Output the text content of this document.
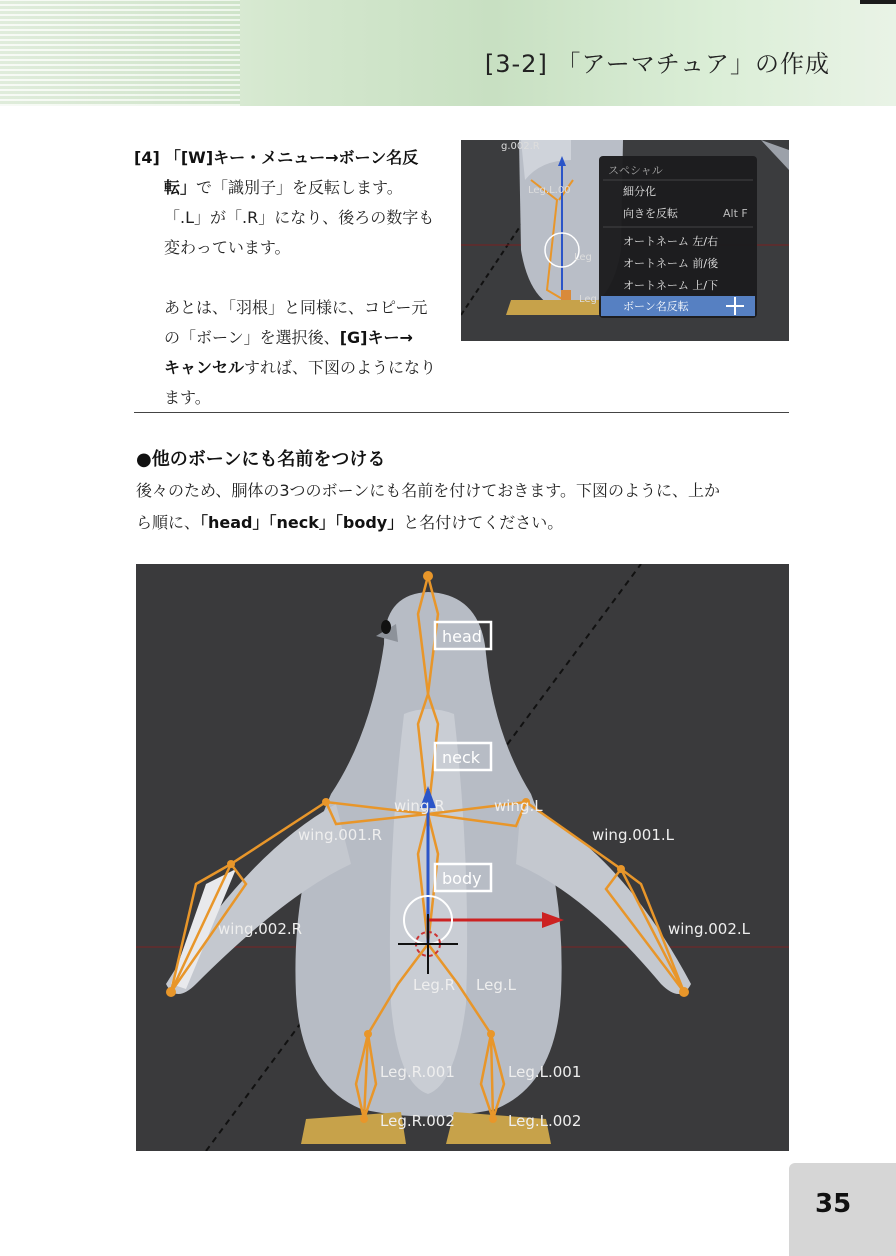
[3-2] 「アーマチュア」の作成

[4] 「[W]キー・メニュー→ボーン名反

転」で「識別子」を反転します。

「.L」が「.R」になり、後ろの数字も

変わっています。

あとは、「羽根」と同様に、コピー元

の「ボーン」を選択後、[G]キー→

キャンセルすれば、下図のようになり

ます。

g.002.R
Leg.L.00
Leg
Leg
スペシャル
細分化
向きを反転	Alt F
オートネーム 左/右
オートネーム 前/後
オートネーム 上/下
ボーン名反転
●他のボーンにも名前をつける
後々のため、胴体の3つのボーンにも名前を付けておきます。下図のように、上か
ら順に、「head」「neck」「body」と名付けてください。
head
neck
body
wing.R	wing.L
wing.001.R	wing.001.L
wing.002.R	wing.002.L
Leg.R Leg.L
Leg.R.001	Leg.L.001
Leg.R.002	Leg.L.002
35
